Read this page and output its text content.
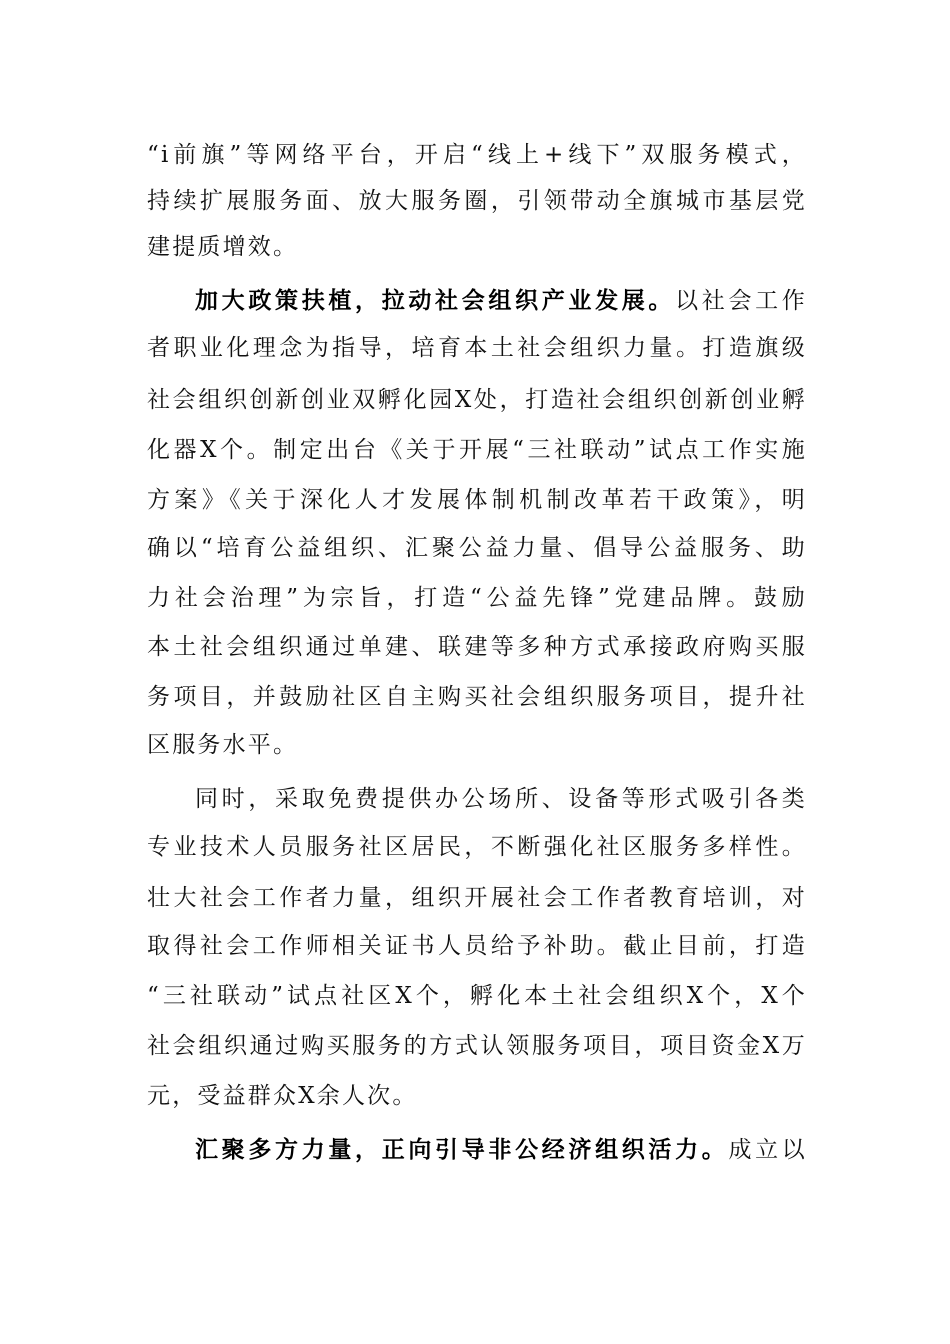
“i前旗”等网络平台，开启“线上+线下”双服务模式，
持续扩展服务面、放大服务圈，引领带动全旗城市基层党
建提质增效。
加大政策扶植，拉动社会组织产业发展。以社会工作
者职业化理念为指导，培育本土社会组织力量。打造旗级
社会组织创新创业双孵化园X处，打造社会组织创新创业孵
化器X个。制定出台《关于开展“三社联动”试点工作实施
方案》《关于深化人才发展体制机制改革若干政策》，明
确以“培育公益组织、汇聚公益力量、倡导公益服务、助
力社会治理”为宗旨，打造“公益先锋”党建品牌。鼓励
本土社会组织通过单建、联建等多种方式承接政府购买服
务项目，并鼓励社区自主购买社会组织服务项目，提升社
区服务水平。
同时，采取免费提供办公场所、设备等形式吸引各类
专业技术人员服务社区居民，不断强化社区服务多样性。
壮大社会工作者力量，组织开展社会工作者教育培训，对
取得社会工作师相关证书人员给予补助。截止目前，打造
“三社联动”试点社区X个，孵化本土社会组织X个，X个
社会组织通过购买服务的方式认领服务项目，项目资金X万
元，受益群众X余人次。
汇聚多方力量，正向引导非公经济组织活力。成立以
